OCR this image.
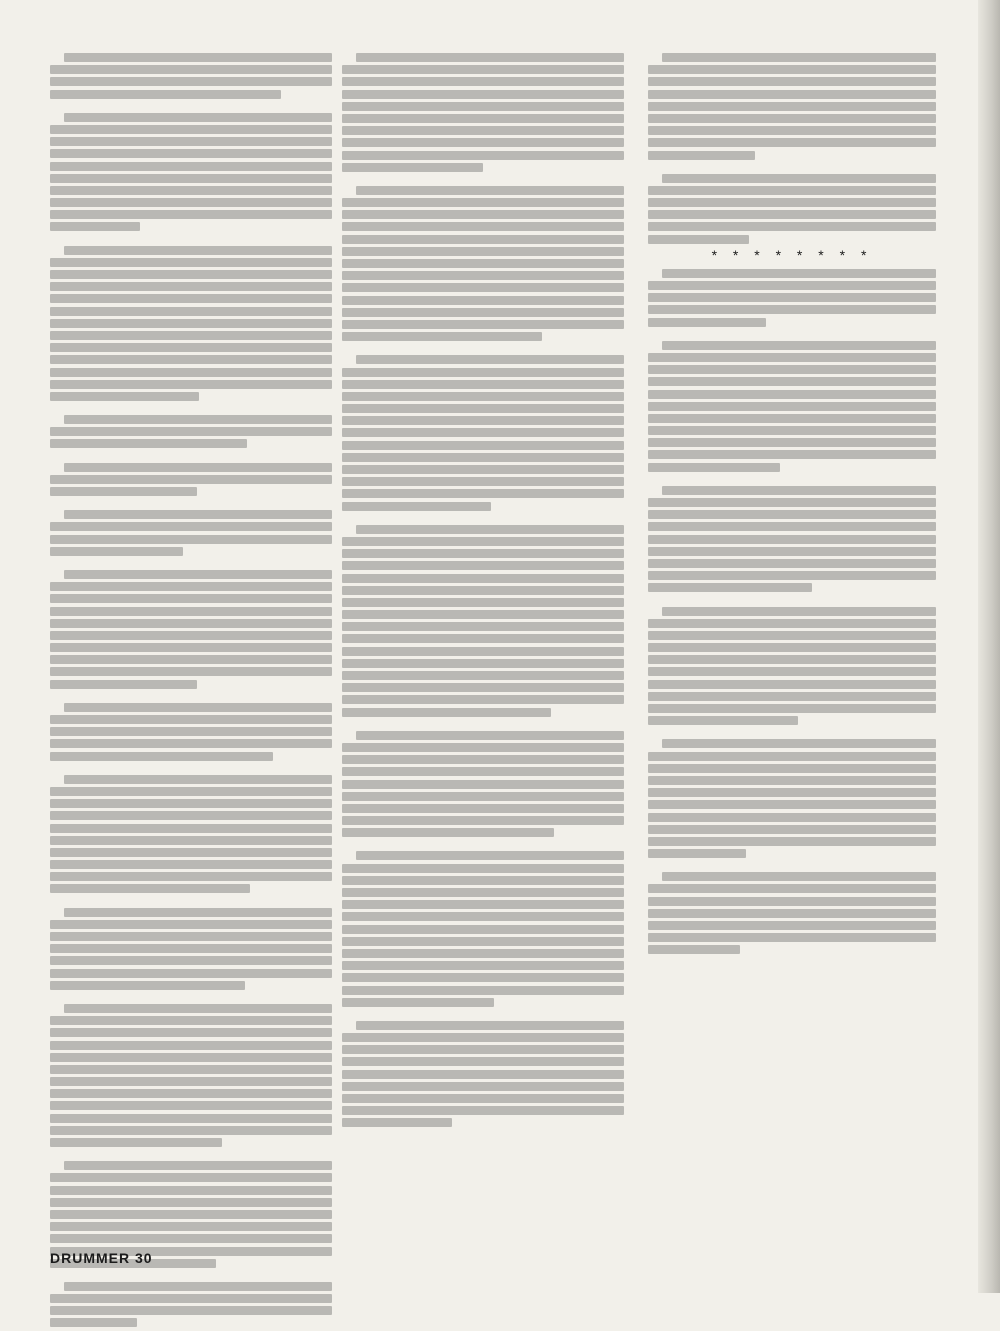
* * * * * * * *
DRUMMER 30
